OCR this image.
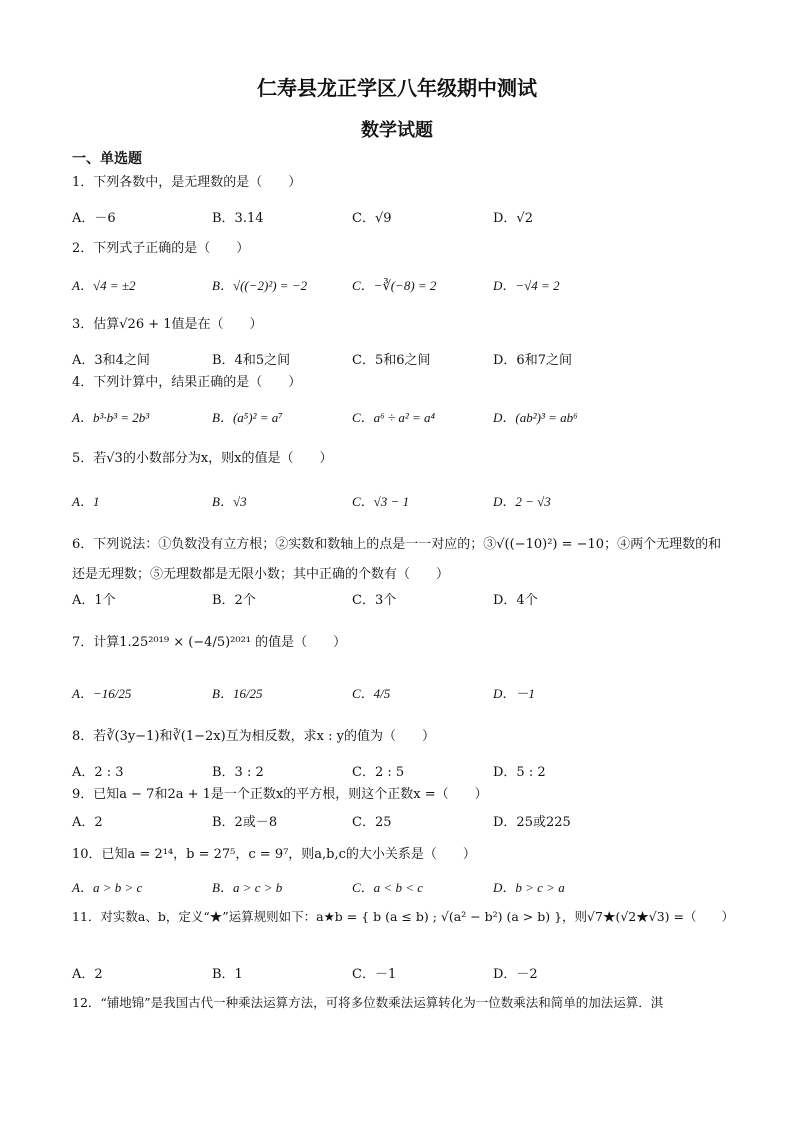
仁寿县龙正学区八年级期中测试
数学试题
一、单选题
1．下列各数中，是无理数的是（　　）
A．－6	B．3.14	C．√9	D．√2
2．下列式子正确的是（　　）
A．√4 = ±2	B．√((−2)²) = −2	C．−∛(−8) = 2	D．−√4 = 2
3．估算√26 + 1值是在（　　）
A．3和4之间	B．4和5之间	C．5和6之间	D．6和7之间
4．下列计算中，结果正确的是（　　）
A．b³·b³ = 2b³	B．(a⁵)² = a⁷	C．a⁶ ÷ a² = a⁴	D．(ab²)³ = ab⁶
5．若√3的小数部分为x，则x的值是（　　）
A．1	B．√3	C．√3 − 1	D．2 − √3
6．下列说法：①负数没有立方根；②实数和数轴上的点是一一对应的；③√((−10)²) = −10；④两个无理数的和还是无理数；⑤无理数都是无限小数；其中正确的个数有（　　）
A．1个	B．2个	C．3个	D．4个
7．计算1.25²⁰¹⁹ × (−4/5)²⁰²¹ 的值是（　　）
A．−16/25	B．16/25	C．4/5	D．－1
8．若∛(3y−1)和∛(1−2x)互为相反数，求x : y的值为（　　）
A．2 : 3	B．3 : 2	C．2 : 5	D．5 : 2
9．已知a − 7和2a + 1是一个正数x的平方根，则这个正数x =（　　）
A．2	B．2或－8	C．25	D．25或225
10．已知a = 2¹⁴，b = 27⁵，c = 9⁷，则a,b,c的大小关系是（　　）
A．a > b > c	B．a > c > b	C．a < b < c	D．b > c > a
11．对实数a、b，定义“★”运算规则如下：a★b = { b (a ≤ b) ; √(a² − b²) (a > b) }，则√7★(√2★√3) =（　　）
A．2	B．1	C．－1	D．－2
12．“铺地锦”是我国古代一种乘法运算方法，可将多位数乘法运算转化为一位数乘法和简单的加法运算．淇
